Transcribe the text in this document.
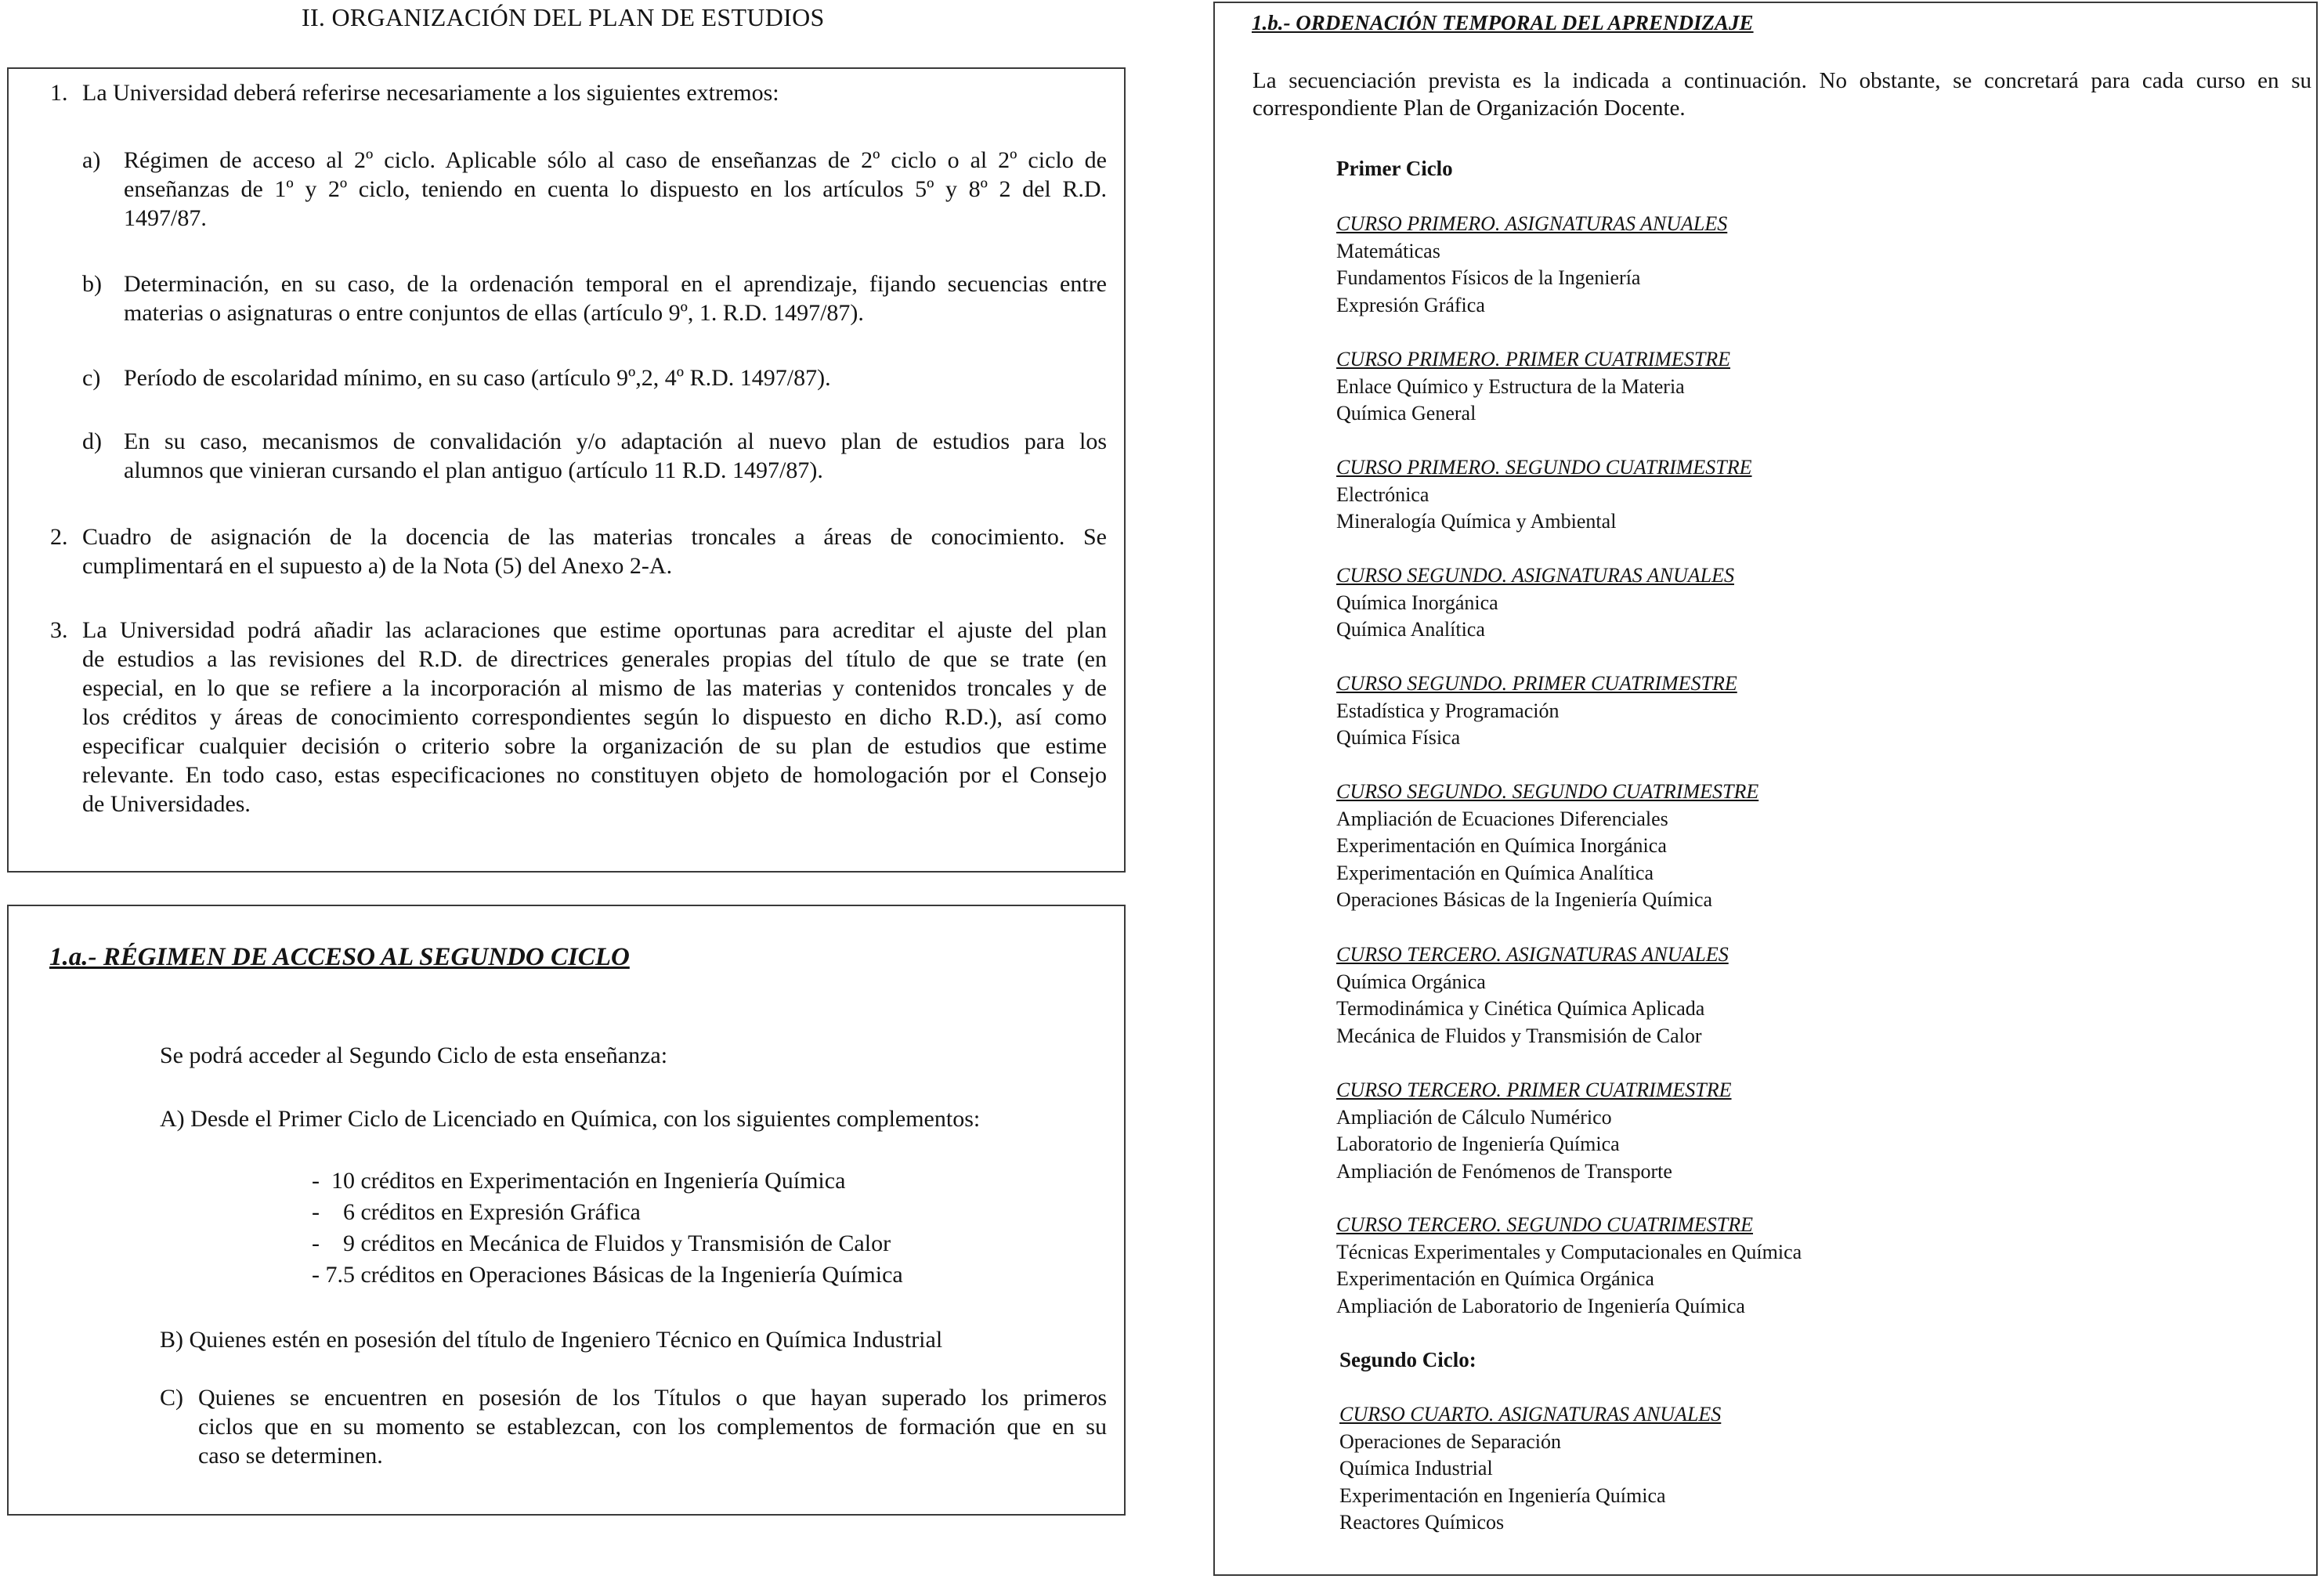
II. ORGANIZACIÓN DEL PLAN DE ESTUDIOS
1. La Universidad deberá referirse necesariamente a los siguientes extremos:
a) Régimen de acceso al 2º ciclo. Aplicable sólo al caso de enseñanzas de 2º ciclo o al 2º ciclo de
enseñanzas de 1º y 2º ciclo, teniendo en cuenta lo dispuesto en los artículos 5º y 8º 2 del R.D.
1497/87.
b) Determinación, en su caso, de la ordenación temporal en el aprendizaje, fijando secuencias entre
materias o asignaturas o entre conjuntos de ellas (artículo 9º, 1. R.D. 1497/87).
c) Período de escolaridad mínimo, en su caso (artículo 9º,2, 4º R.D. 1497/87).
d) En su caso, mecanismos de convalidación y/o adaptación al nuevo plan de estudios para los
alumnos que vinieran cursando el plan antiguo (artículo 11 R.D. 1497/87).
2. Cuadro de asignación de la docencia de las materias troncales a áreas de conocimiento. Se
cumplimentará en el supuesto a) de la Nota (5) del Anexo 2-A.
3. La Universidad podrá añadir las aclaraciones que estime oportunas para acreditar el ajuste del plan
de estudios a las revisiones del R.D. de directrices generales propias del título de que se trate (en
especial, en lo que se refiere a la incorporación al mismo de las materias y contenidos troncales y de
los créditos y áreas de conocimiento correspondientes según lo dispuesto en dicho R.D.), así como
especificar cualquier decisión o criterio sobre la organización de su plan de estudios que estime
relevante. En todo caso, estas especificaciones no constituyen objeto de homologación por el Consejo
de Universidades.
1.a.- RÉGIMEN DE ACCESO AL SEGUNDO CICLO
Se podrá acceder al Segundo Ciclo de esta enseñanza:
A) Desde el Primer Ciclo de Licenciado en Química, con los siguientes complementos:
-  10 créditos en Experimentación en Ingeniería Química
-    6 créditos en Expresión Gráfica
-    9 créditos en Mecánica de Fluidos y Transmisión de Calor
- 7.5 créditos en Operaciones Básicas de la Ingeniería Química
B) Quienes estén en posesión del título de Ingeniero Técnico en Química Industrial
C) Quienes se encuentren en posesión de los Títulos o que hayan superado los primeros
ciclos que en su momento se establezcan, con los complementos de formación que en su
caso se determinen.
1.b.- ORDENACIÓN TEMPORAL DEL APRENDIZAJE
La secuenciación prevista es la indicada a continuación. No obstante, se concretará para cada curso en su
correspondiente Plan de Organización Docente.
Primer Ciclo
CURSO PRIMERO. ASIGNATURAS ANUALES
Matemáticas
Fundamentos Físicos de la Ingeniería
Expresión Gráfica
CURSO PRIMERO. PRIMER CUATRIMESTRE
Enlace Químico y Estructura de la Materia
Química General
CURSO PRIMERO. SEGUNDO CUATRIMESTRE
Electrónica
Mineralogía Química y Ambiental
CURSO SEGUNDO. ASIGNATURAS ANUALES
Química Inorgánica
Química Analítica
CURSO SEGUNDO. PRIMER CUATRIMESTRE
Estadística y Programación
Química Física
CURSO SEGUNDO. SEGUNDO CUATRIMESTRE
Ampliación de Ecuaciones Diferenciales
Experimentación en Química Inorgánica
Experimentación en Química Analítica
Operaciones Básicas de la Ingeniería Química
CURSO TERCERO. ASIGNATURAS ANUALES
Química Orgánica
Termodinámica y Cinética Química Aplicada
Mecánica de Fluidos y Transmisión de Calor
CURSO TERCERO. PRIMER CUATRIMESTRE
Ampliación de Cálculo Numérico
Laboratorio de Ingeniería Química
Ampliación de Fenómenos de Transporte
CURSO TERCERO. SEGUNDO CUATRIMESTRE
Técnicas Experimentales y Computacionales en Química
Experimentación en Química Orgánica
Ampliación de Laboratorio de Ingeniería Química
Segundo Ciclo:
CURSO CUARTO. ASIGNATURAS ANUALES
Operaciones de Separación
Química Industrial
Experimentación en Ingeniería Química
Reactores Químicos
